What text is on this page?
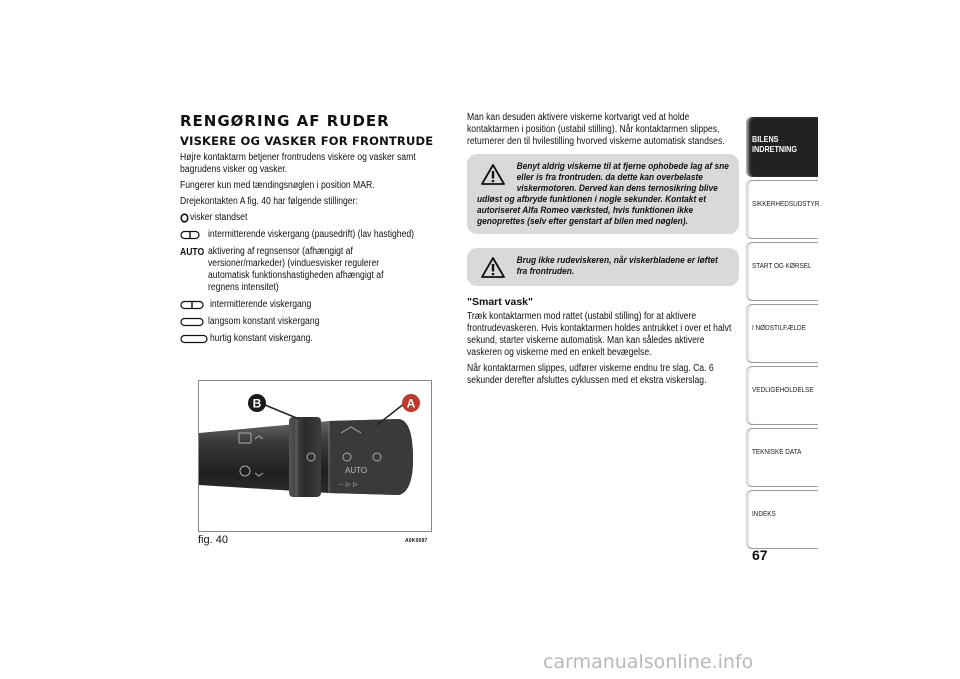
RENGØRING AF RUDER
VISKERE OG VASKER FOR FRONTRUDE
Højre kontaktarm betjener frontrudens viskere og vasker samt bagrudens visker og vasker.
Fungerer kun med tændingsnøglen i position MAR.
Drejekontakten A fig. 40 har følgende stillinger:
visker standset
intermitterende viskergang (pausedrift) (lav hastighed)
AUTO aktivering af regnsensor (afhængigt af versioner/markeder) (vinduesvisker regulerer automatisk funktionshastigheden afhængigt af regnens intensitet)
intermitterende viskergang
langsom konstant viskergang
hurtig konstant viskergang.
AUTO
− ᐅ ᐅ
B	A
fig. 40	A0K0097
Man kan desuden aktivere viskerne kortvarigt ved at holde kontaktarmen i position (ustabil stilling). Når kontaktarmen slippes, returnerer den til hvilestilling hvorved viskerne automatisk standses.
Benyt aldrig viskerne til at fjerne ophobede lag af sne eller is fra frontruden. da dette kan overbelaste viskermotoren. Derved kan dens ternosikring blive
udløst og afbryde funktionen i nogle sekunder. Kontakt et autoriseret Alfa Romeo værksted, hvis funktionen ikke genoprettes (selv efter genstart af bilen med nøglen).
Brug ikke rudeviskeren, når viskerbladene er løftet fra frontruden.
"Smart vask"
Træk kontaktarmen mod rattet (ustabil stilling) for at aktivere frontrudevaskeren. Hvis kontaktarmen holdes antrukket i over et halvt sekund, starter viskerne automatisk. Man kan således aktivere vaskeren og viskerne med en enkelt bevægelse.
Når kontaktarmen slippes, udfører viskerne endnu tre slag. Ca. 6 sekunder derefter afsluttes cyklussen med et ekstra viskerslag.
BILENS INDRETNING
SIKKERHEDSUDSTYR
START OG KØRSEL
I NØDSTILFÆLDE
VEDLIGEHOLDELSE
TEKNISKE DATA
INDEKS
67
carmanualsonline.info
